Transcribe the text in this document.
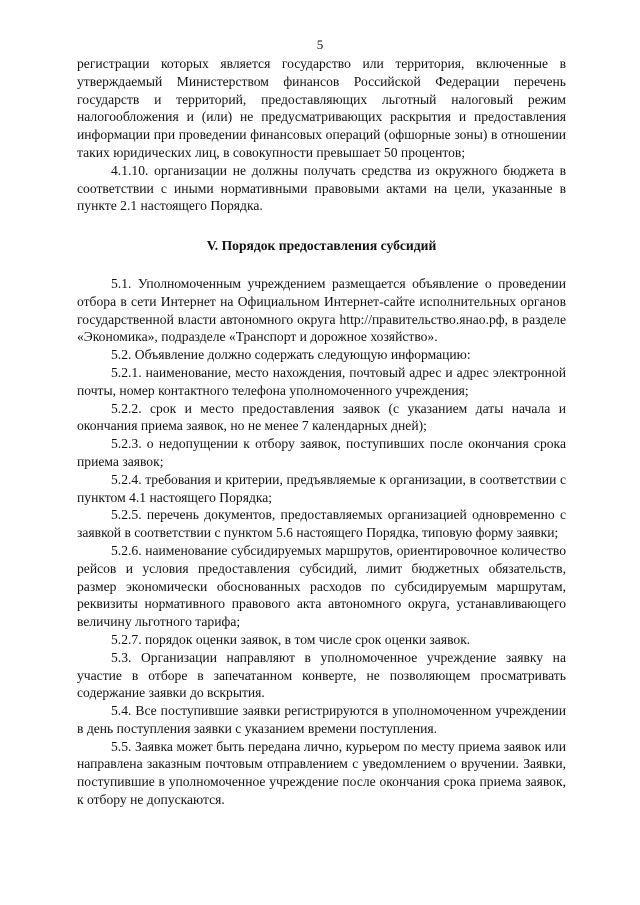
5

регистрации которых является государство или территория, включенные в утверждаемый Министерством финансов Российской Федерации перечень государств и территорий, предоставляющих льготный налоговый режим налогообложения и (или) не предусматривающих раскрытия и предоставления информации при проведении финансовых операций (офшорные зоны) в отношении таких юридических лиц, в совокупности превышает 50 процентов;

4.1.10. организации не должны получать средства из окружного бюджета в соответствии с иными нормативными правовыми актами на цели, указанные в пункте 2.1 настоящего Порядка.

V. Порядок предоставления субсидий

5.1. Уполномоченным учреждением размещается объявление о проведении отбора в сети Интернет на Официальном Интернет-сайте исполнительных органов государственной власти автономного округа http://правительство.янао.рф, в разделе «Экономика», подразделе «Транспорт и дорожное хозяйство».

5.2. Объявление должно содержать следующую информацию:

5.2.1. наименование, место нахождения, почтовый адрес и адрес электронной почты, номер контактного телефона уполномоченного учреждения;

5.2.2. срок и место предоставления заявок (с указанием даты начала и окончания приема заявок, но не менее 7 календарных дней);

5.2.3. о недопущении к отбору заявок, поступивших после окончания срока приема заявок;

5.2.4. требования и критерии, предъявляемые к организации, в соответствии с пунктом 4.1 настоящего Порядка;

5.2.5. перечень документов, предоставляемых организацией одновременно с заявкой в соответствии с пунктом 5.6 настоящего Порядка, типовую форму заявки;

5.2.6. наименование субсидируемых маршрутов, ориентировочное количество рейсов и условия предоставления субсидий, лимит бюджетных обязательств, размер экономически обоснованных расходов по субсидируемым маршрутам, реквизиты нормативного правового акта автономного округа, устанавливающего величину льготного тарифа;

5.2.7. порядок оценки заявок, в том числе срок оценки заявок.

5.3. Организации направляют в уполномоченное учреждение заявку на участие в отборе в запечатанном конверте, не позволяющем просматривать содержание заявки до вскрытия.

5.4. Все поступившие заявки регистрируются в уполномоченном учреждении в день поступления заявки с указанием времени поступления.

5.5. Заявка может быть передана лично, курьером по месту приема заявок или направлена заказным почтовым отправлением с уведомлением о вручении. Заявки, поступившие в уполномоченное учреждение после окончания срока приема заявок, к отбору не допускаются.
